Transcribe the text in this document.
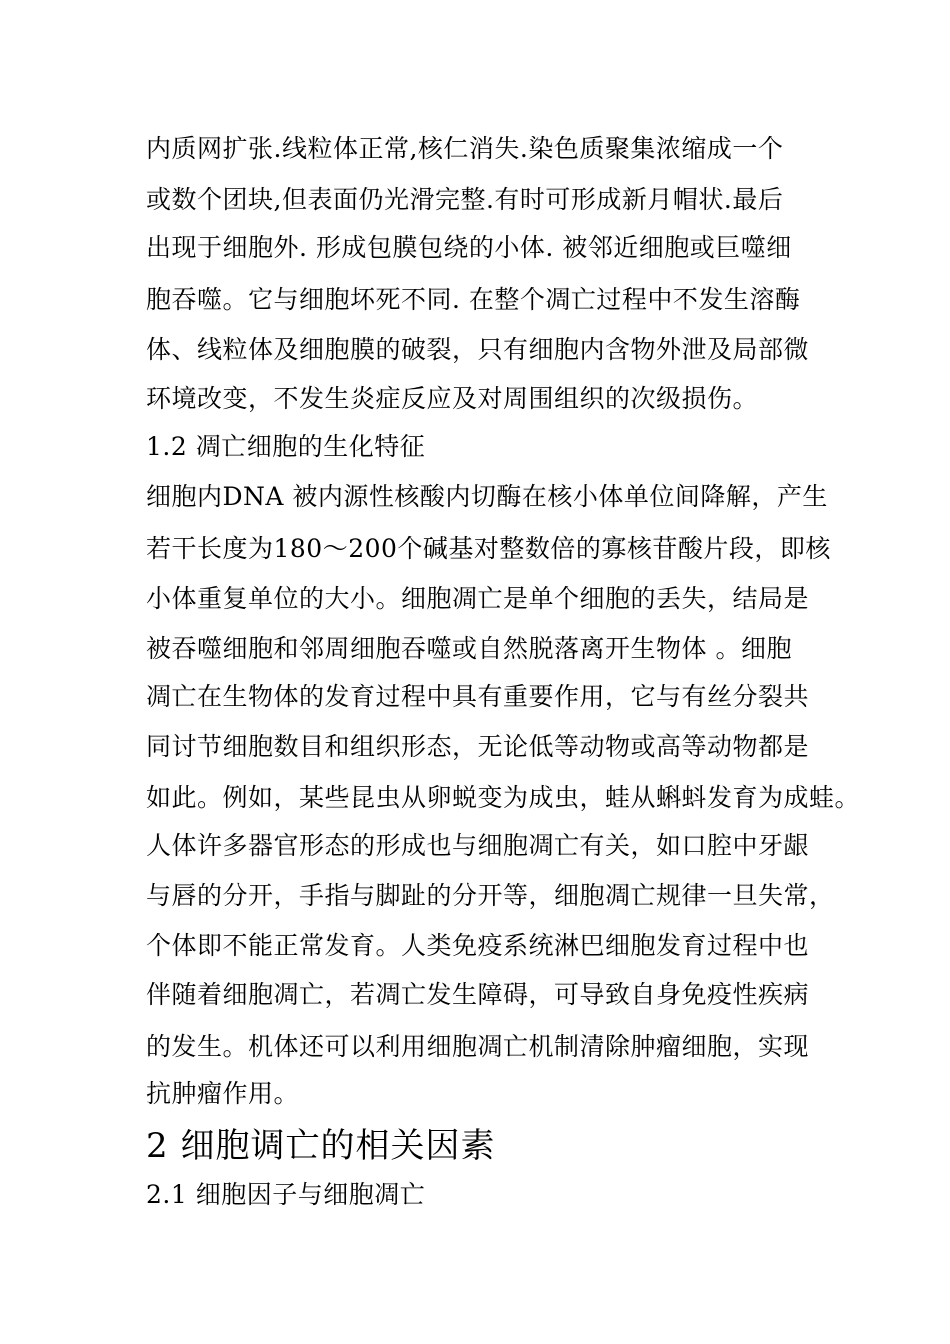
内质网扩张.线粒体正常,核仁消失.染色质聚集浓缩成一个
或数个团块,但表面仍光滑完整.有时可形成新月帽状.最后
出现于细胞外. 形成包膜包绕的小体. 被邻近细胞或巨噬细
胞吞噬。它与细胞坏死不同. 在整个凋亡过程中不发生溶酶
体、线粒体及细胞膜的破裂，只有细胞内含物外泄及局部微
环境改变，不发生炎症反应及对周围组织的次级损伤。
1.2 凋亡细胞的生化特征
细胞内DNA 被内源性核酸内切酶在核小体单位间降解，产生
若干长度为180～200个碱基对整数倍的寡核苷酸片段，即核
小体重复单位的大小。细胞凋亡是单个细胞的丢失，结局是
被吞噬细胞和邻周细胞吞噬或自然脱落离开生物体 。细胞
凋亡在生物体的发育过程中具有重要作用，它与有丝分裂共
同讨节细胞数目和组织形态，无论低等动物或高等动物都是
如此。例如，某些昆虫从卵蜕变为成虫，蛙从蝌蚪发育为成蛙。
人体许多器官形态的形成也与细胞凋亡有关，如口腔中牙龈
与唇的分开，手指与脚趾的分开等，细胞凋亡规律一旦失常，
个体即不能正常发育。人类免疫系统淋巴细胞发育过程中也
伴随着细胞凋亡，若凋亡发生障碍，可导致自身免疫性疾病
的发生。机体还可以利用细胞凋亡机制清除肿瘤细胞，实现
抗肿瘤作用。
2 细胞调亡的相关因素
2.1 细胞因子与细胞凋亡
